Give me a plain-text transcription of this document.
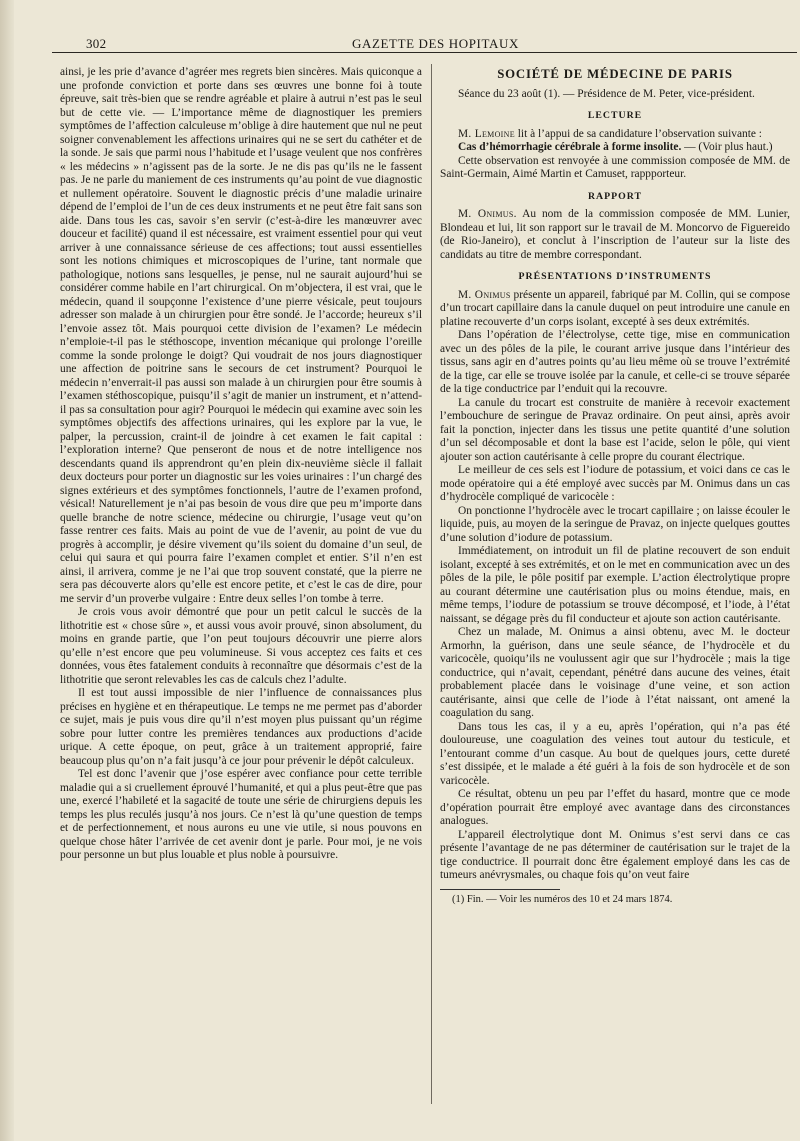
302	GAZETTE DES HOPITAUX

ainsi, je les prie d’avance d’agréer mes regrets bien sincères. Mais quiconque a une profonde conviction et porte dans ses œuvres une bonne foi à toute épreuve, sait très-bien que se rendre agréable et plaire à autrui n’est pas le seul but de cette vie. — L’importance même de diagnostiquer les premiers symptômes de l’affection calculeuse m’oblige à dire hautement que nul ne peut soigner convenablement les affections urinaires qui ne se sert du cathéter et de la sonde. Je sais que parmi nous l’habitude et l’usage veulent que nos confrères « les médecins » n’agissent pas de la sorte. Je ne dis pas qu’ils ne le fassent pas. Je ne parle du maniement de ces instruments qu’au point de vue diagnostic et nullement opératoire. Souvent le diagnostic précis d’une maladie urinaire dépend de l’emploi de l’un de ces deux instruments et ne peut être fait sans son aide. Dans tous les cas, savoir s’en servir (c’est-à-dire les manœuvrer avec douceur et facilité) quand il est nécessaire, est vraiment essentiel pour qui veut arriver à une connaissance sérieuse de ces affections; tout aussi essentielles sont les notions chimiques et microscopiques de l’urine, tant normale que pathologique, notions sans lesquelles, je pense, nul ne saurait aujourd’hui se considérer comme habile en l’art chirurgical. On m’objectera, il est vrai, que le médecin, quand il soupçonne l’existence d’une pierre vésicale, peut toujours adresser son malade à un chirurgien pour être sondé. Je l’accorde; heureux s’il l’envoie assez tôt. Mais pourquoi cette division de l’examen? Le médecin n’emploie-t-il pas le stéthoscope, invention mécanique qui prolonge l’oreille comme la sonde prolonge le doigt? Qui voudrait de nos jours diagnostiquer une affection de poitrine sans le secours de cet instrument? Pourquoi le médecin n’enverrait-il pas aussi son malade à un chirurgien pour être soumis à l’examen stéthoscopique, puisqu’il s’agit de manier un instrument, et n’attend-il pas sa consultation pour agir? Pourquoi le médecin qui examine avec soin les symptômes objectifs des affections urinaires, qui les explore par la vue, le palper, la percussion, craint-il de joindre à cet examen le fait capital : l’exploration interne? Que penseront de nous et de notre intelligence nos descendants quand ils apprendront qu’en plein dix-neuvième siècle il fallait deux docteurs pour porter un diagnostic sur les voies urinaires : l’un chargé des signes extérieurs et des symptômes fonctionnels, l’autre de l’examen profond, vésical! Naturellement je n’ai pas besoin de vous dire que peu m’importe dans quelle branche de notre science, médecine ou chirurgie, l’usage veut qu’on fasse rentrer ces faits. Mais au point de vue de l’avenir, au point de vue du progrès à accomplir, je désire vivement qu’ils soient du domaine d’un seul, de celui qui saura et qui pourra faire l’examen complet et entier. S’il n’en est ainsi, il arrivera, comme je ne l’ai que trop souvent constaté, que la pierre ne sera pas découverte alors qu’elle est encore petite, et c’est le cas de dire, pour me servir d’un proverbe vulgaire : Entre deux selles l’on tombe à terre.

Je crois vous avoir démontré que pour un petit calcul le succès de la lithotritie est « chose sûre », et aussi vous avoir prouvé, sinon absolument, du moins en grande partie, que l’on peut toujours découvrir une pierre alors qu’elle n’est encore que peu volumineuse. Si vous acceptez ces faits et ces données, vous êtes fatalement conduits à reconnaître que désormais c’est de la lithotritie que seront relevables les cas de calculs chez l’adulte.

Il est tout aussi impossible de nier l’influence de connaissances plus précises en hygiène et en thérapeutique. Le temps ne me permet pas d’aborder ce sujet, mais je puis vous dire qu’il n’est moyen plus puissant qu’un régime sobre pour lutter contre les premières tendances aux productions d’acide urique. A cette époque, on peut, grâce à un traitement approprié, faire beaucoup plus qu’on n’a fait jusqu’à ce jour pour prévenir le dépôt calculeux.

Tel est donc l’avenir que j’ose espérer avec confiance pour cette terrible maladie qui a si cruellement éprouvé l’humanité, et qui a plus peut-être que pas une, exercé l’habileté et la sagacité de toute une série de chirurgiens depuis les temps les plus reculés jusqu’à nos jours. Ce n’est là qu’une question de temps et de perfectionnement, et nous aurons eu une vie utile, si nous pouvons en quelque chose hâter l’arrivée de cet avenir dont je parle. Pour moi, je ne vois pour personne un but plus louable et plus noble à poursuivre.

SOCIÉTÉ DE MÉDECINE DE PARIS

Séance du 23 août (1). — Présidence de M. Peter, vice-président.

LECTURE

M. Lemoine lit à l’appui de sa candidature l’observation suivante :

Cas d’hémorrhagie cérébrale à forme insolite. — (Voir plus haut.)

Cette observation est renvoyée à une commission composée de MM. de Saint-Germain, Aimé Martin et Camuset, rappporteur.

RAPPORT

M. Onimus. Au nom de la commission composée de MM. Lunier, Blondeau et lui, lit son rapport sur le travail de M. Moncorvo de Figuereido (de Rio-Janeiro), et conclut à l’inscription de l’auteur sur la liste des candidats au titre de membre correspondant.

PRÉSENTATIONS D’INSTRUMENTS

M. Onimus présente un appareil, fabriqué par M. Collin, qui se compose d’un trocart capillaire dans la canule duquel on peut introduire une canule en platine recouverte d’un corps isolant, excepté à ses deux extrémités.

Dans l’opération de l’électrolyse, cette tige, mise en communication avec un des pôles de la pile, le courant arrive jusque dans l’intérieur des tissus, sans agir en d’autres points qu’au lieu même où se trouve l’extrémité de la tige, car elle se trouve isolée par la canule, et celle-ci se trouve séparée de la tige conductrice par l’enduit qui la recouvre.

La canule du trocart est construite de manière à recevoir exactement l’embouchure de seringue de Pravaz ordinaire. On peut ainsi, après avoir fait la ponction, injecter dans les tissus une petite quantité d’une solution d’un sel décomposable et dont la base est l’acide, selon le pôle, qui vient ajouter son action cautérisante à celle propre du courant électrique.

Le meilleur de ces sels est l’iodure de potassium, et voici dans ce cas le mode opératoire qui a été employé avec succès par M. Onimus dans un cas d’hydrocèle compliqué de varicocèle :

On ponctionne l’hydrocèle avec le trocart capillaire ; on laisse écouler le liquide, puis, au moyen de la seringue de Pravaz, on injecte quelques gouttes d’une solution d’iodure de potassium.

Immédiatement, on introduit un fil de platine recouvert de son enduit isolant, excepté à ses extrémités, et on le met en communication avec un des pôles de la pile, le pôle positif par exemple. L’action électrolytique propre au courant détermine une cautérisation plus ou moins étendue, mais, en même temps, l’iodure de potassium se trouve décomposé, et l’iode, à l’état naissant, se dégage près du fil conducteur et ajoute son action cautérisante.

Chez un malade, M. Onimus a ainsi obtenu, avec M. le docteur Armorhn, la guérison, dans une seule séance, de l’hydrocèle et du varicocèle, quoiqu’ils ne voulussent agir que sur l’hydrocèle ; mais la tige conductrice, qui n’avait, cependant, pénétré dans aucune des veines, était probablement placée dans le voisinage d’une veine, et son action cautérisante, ainsi que celle de l’iode à l’état naissant, ont amené la coagulation du sang.

Dans tous les cas, il y a eu, après l’opération, qui n’a pas été douloureuse, une coagulation des veines tout autour du testicule, et l’entourant comme d’un casque. Au bout de quelques jours, cette dureté s’est dissipée, et le malade a été guéri à la fois de son hydrocèle et de son varicocèle.

Ce résultat, obtenu un peu par l’effet du hasard, montre que ce mode d’opération pourrait être employé avec avantage dans des circonstances analogues.

L’appareil électrolytique dont M. Onimus s’est servi dans ce cas présente l’avantage de ne pas déterminer de cautérisation sur le trajet de la tige conductrice. Il pourrait donc être également employé dans les cas de tumeurs anévrysmales, ou chaque fois qu’on veut faire

(1) Fin. — Voir les numéros des 10 et 24 mars 1874.
